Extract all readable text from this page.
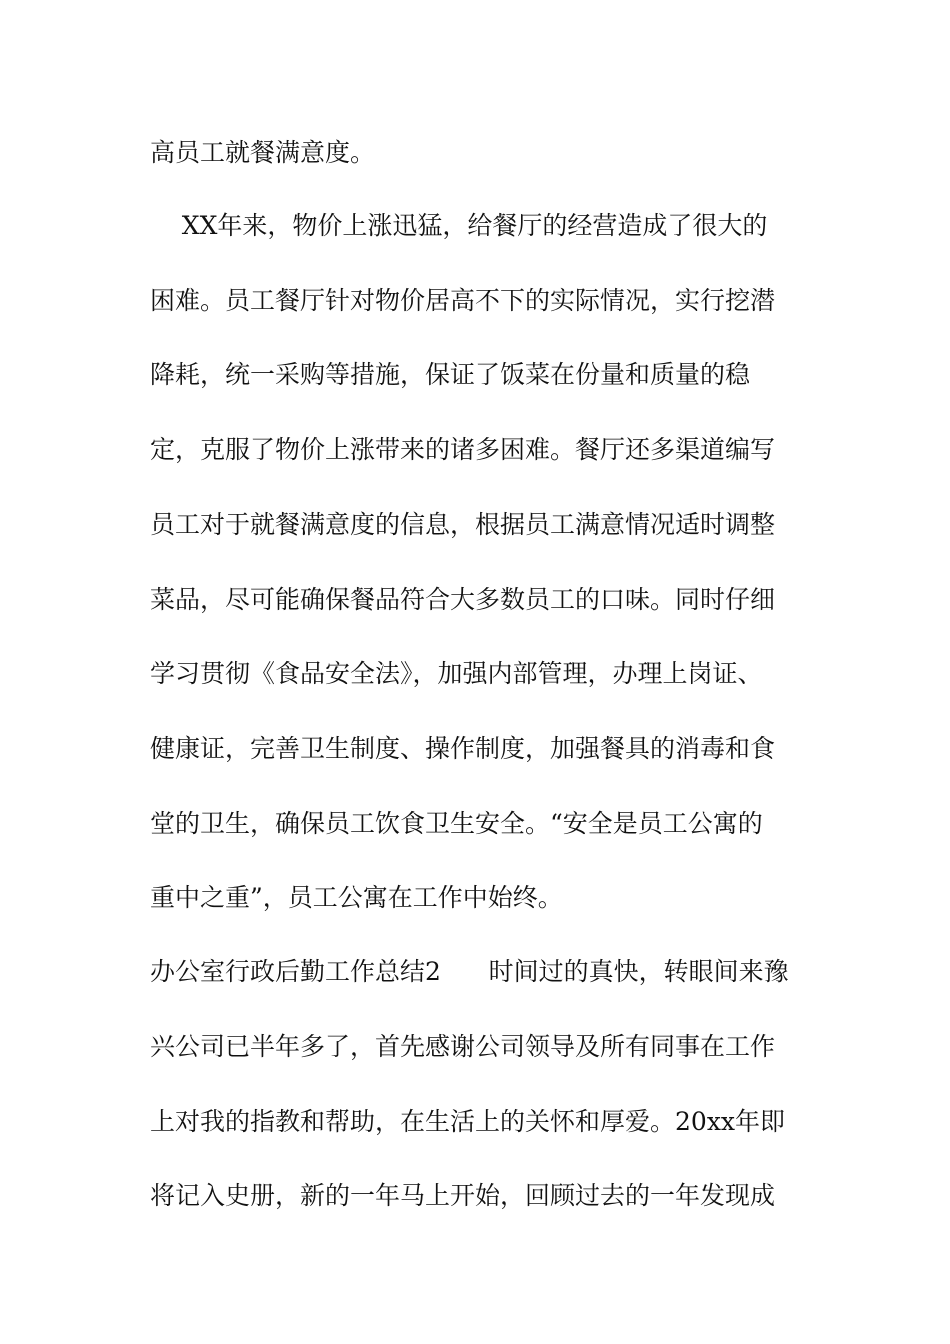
高员工就餐满意度。
XX年来，物价上涨迅猛，给餐厅的经营造成了很大的
困难。员工餐厅针对物价居高不下的实际情况，实行挖潜
降耗，统一采购等措施，保证了饭菜在份量和质量的稳
定，克服了物价上涨带来的诸多困难。餐厅还多渠道编写
员工对于就餐满意度的信息，根据员工满意情况适时调整
菜品，尽可能确保餐品符合大多数员工的口味。同时仔细
学习贯彻《食品安全法》，加强内部管理，办理上岗证、
健康证，完善卫生制度、操作制度，加强餐具的消毒和食
堂的卫生，确保员工饮食卫生安全。“安全是员工公寓的
重中之重”，员工公寓在工作中始终。
办公室行政后勤工作总结2      时间过的真快，转眼间来豫
兴公司已半年多了，首先感谢公司领导及所有同事在工作
上对我的指教和帮助，在生活上的关怀和厚爱。20xx年即
将记入史册，新的一年马上开始，回顾过去的一年发现成
